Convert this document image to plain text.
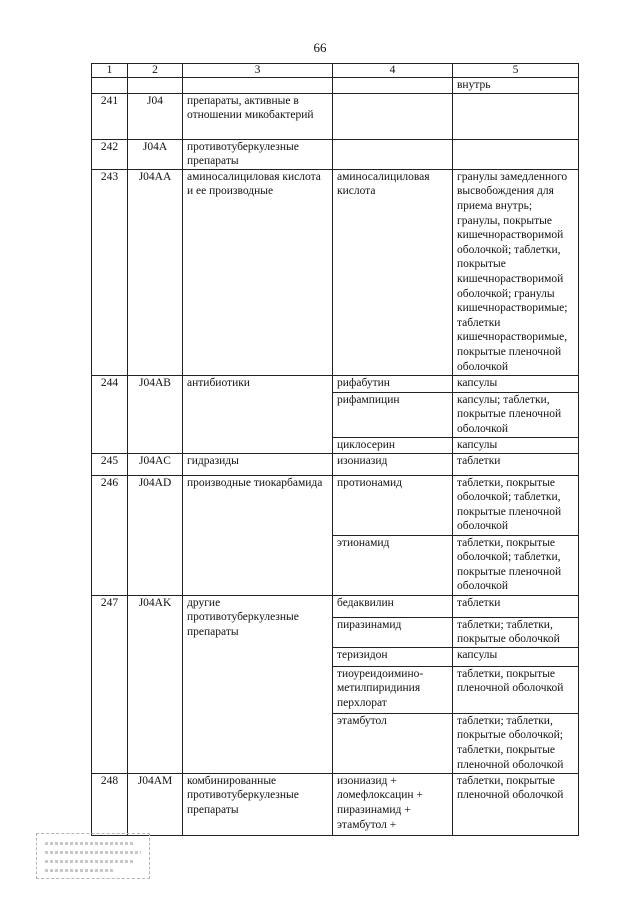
66
1	2	3	4	5
				внутрь
241	J04	препараты, активные в отношении микобактерий		
242	J04A	противотуберкулезные препараты		
243	J04AA	аминосалициловая кислота и ее производные	аминосалициловая кислота	гранулы замедленного высвобождения для приема внутрь; гранулы, покрытые кишечнорастворимой оболочкой; таблетки, покрытые кишечнорастворимой оболочкой; гранулы кишечнорастворимые; таблетки кишечнорастворимые, покрытые пленочной оболочкой
244	J04AB	антибиотики	рифабутин	капсулы
			рифампицин	капсулы; таблетки, покрытые пленочной оболочкой
			циклосерин	капсулы
245	J04AC	гидразиды	изониазид	таблетки
246	J04AD	производные тиокарбамида	протионамид	таблетки, покрытые оболочкой; таблетки, покрытые пленочной оболочкой
			этионамид	таблетки, покрытые оболочкой; таблетки, покрытые пленочной оболочкой
247	J04AK	другие противотуберкулезные препараты	бедаквилин	таблетки
			пиразинамид	таблетки; таблетки, покрытые оболочкой
			теризидон	капсулы
			тиоуреидоимино-метилпиридиния перхлорат	таблетки, покрытые пленочной оболочкой
			этамбутол	таблетки; таблетки, покрытые оболочкой; таблетки, покрытые пленочной оболочкой
248	J04AM	комбинированные противотуберкулезные препараты	изониазид + ломефлоксацин + пиразинамид + этамбутол +	таблетки, покрытые пленочной оболочкой
